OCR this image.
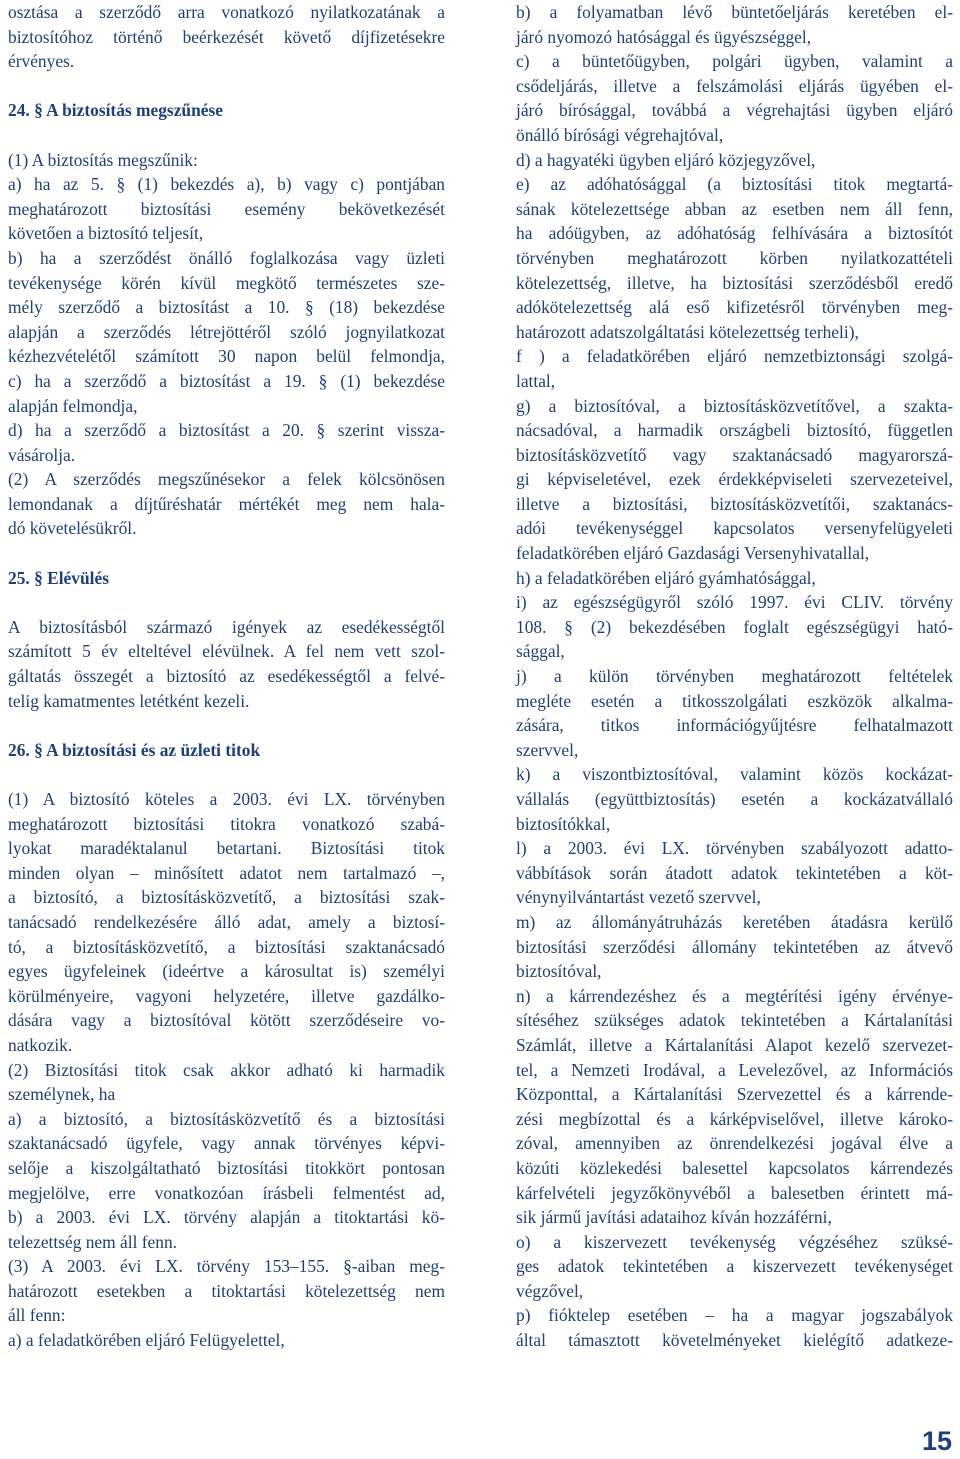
osztása a szerződő arra vonatkozó nyilatkozatának a
biztosítóhoz történő beérkezését követő díjfizetésekre
érvényes.
24. § A biztosítás megszűnése
(1) A biztosítás megszűnik:
a) ha az 5. § (1) bekezdés a), b) vagy c) pontjában
meghatározott biztosítási esemény bekövetkezését
követően a biztosító teljesít,
b) ha a szerződést önálló foglalkozása vagy üzleti
tevékenysége körén kívül megkötő természetes sze-
mély szerződő a biztosítást a 10. § (18) bekezdése
alapján a szerződés létrejöttéről szóló jognyilatkozat
kézhezvételétől számított 30 napon belül felmondja,
c) ha a szerződő a biztosítást a 19. § (1) bekezdése
alapján felmondja,
d) ha a szerződő a biztosítást a 20. § szerint vissza-
vásárolja.
(2) A szerződés megszűnésekor a felek kölcsönösen
lemondanak a díjtűréshatár mértékét meg nem hala-
dó követelésükről.
25. § Elévülés
A biztosításból származó igények az esedékességtől
számított 5 év elteltével elévülnek. A fel nem vett szol-
gáltatás összegét a biztosító az esedékességtől a felvé-
telig kamatmentes letétként kezeli.
26. § A biztosítási és az üzleti titok
(1) A biztosító köteles a 2003. évi LX. törvényben
meghatározott biztosítási titokra vonatkozó szabá-
lyokat maradéktalanul betartani. Biztosítási titok
minden olyan – minősített adatot nem tartalmazó –,
a biztosító, a biztosításközvetítő, a biztosítási szak-
tanácsadó rendelkezésére álló adat, amely a biztosí-
tó, a biztosításközvetítő, a biztosítási szaktanácsadó
egyes ügyfeleinek (ideértve a károsultat is) személyi
körülményeire, vagyoni helyzetére, illetve gazdálko-
dására vagy a biztosítóval kötött szerződéseire vo-
natkozik.
(2) Biztosítási titok csak akkor adható ki harmadik
személynek, ha
a) a biztosító, a biztosításközvetítő és a biztosítási
szaktanácsadó ügyfele, vagy annak törvényes képvi-
selője a kiszolgáltatható biztosítási titokkört pontosan
megjelölve, erre vonatkozóan írásbeli felmentést ad,
b) a 2003. évi LX. törvény alapján a titoktartási kö-
telezettség nem áll fenn.
(3) A 2003. évi LX. törvény 153–155. §-aiban meg-
határozott esetekben a titoktartási kötelezettség nem
áll fenn:
a) a feladatkörében eljáró Felügyelettel,
b) a folyamatban lévő büntetőeljárás keretében el-
járó nyomozó hatósággal és ügyészséggel,
c) a büntetőügyben, polgári ügyben, valamint a
csődeljárás, illetve a felszámolási eljárás ügyében el-
járó bírósággal, továbbá a végrehajtási ügyben eljáró
önálló bírósági végrehajtóval,
d) a hagyatéki ügyben eljáró közjegyzővel,
e) az adóhatósággal (a biztosítási titok megtartá-
sának kötelezettsége abban az esetben nem áll fenn,
ha adóügyben, az adóhatóság felhívására a biztosítót
törvényben meghatározott körben nyilatkozattételi
kötelezettség, illetve, ha biztosítási szerződésből eredő
adókötelezettség alá eső kifizetésről törvényben meg-
határozott adatszolgáltatási kötelezettség terheli),
f ) a feladatkörében eljáró nemzetbiztonsági szolgá-
lattal,
g) a biztosítóval, a biztosításközvetítővel, a szakta-
nácsadóval, a harmadik országbeli biztosító, független
biztosításközvetítő vagy szaktanácsadó magyarorszá-
gi képviseletével, ezek érdekképviseleti szervezeteivel,
illetve a biztosítási, biztosításközvetítői, szaktanács-
adói tevékenységgel kapcsolatos versenyfelügyeleti
feladatkörében eljáró Gazdasági Versenyhivatallal,
h) a feladatkörében eljáró gyámhatósággal,
i) az egészségügyről szóló 1997. évi CLIV. törvény
108. § (2) bekezdésében foglalt egészségügyi ható-
sággal,
j) a külön törvényben meghatározott feltételek
megléte esetén a titkosszolgálati eszközök alkalma-
zására, titkos információgyűjtésre felhatalmazott
szervvel,
k) a viszontbiztosítóval, valamint közös kockázat-
vállalás (együttbiztosítás) esetén a kockázatvállaló
biztosítókkal,
l) a 2003. évi LX. törvényben szabályozott adatto-
vábbítások során átadott adatok tekintetében a köt-
vénynyilvántartást vezető szervvel,
m) az állományátruházás keretében átadásra kerülő
biztosítási szerződési állomány tekintetében az átvevő
biztosítóval,
n) a kárrendezéshez és a megtérítési igény érvénye-
sítéséhez szükséges adatok tekintetében a Kártalanítási
Számlát, illetve a Kártalanítási Alapot kezelő szervezet-
tel, a Nemzeti Irodával, a Levelezővel, az Információs
Központtal, a Kártalanítási Szervezettel és a kárrende-
zési megbízottal és a kárképviselővel, illetve károko-
zóval, amennyiben az önrendelkezési jogával élve a
közúti közlekedési balesettel kapcsolatos kárrendezés
kárfelvételi jegyzőkönyvéből a balesetben érintett má-
sik jármű javítási adataihoz kíván hozzáférni,
o) a kiszervezett tevékenység végzéséhez szüksé-
ges adatok tekintetében a kiszervezett tevékenységet
végzővel,
p) fióktelep esetében – ha a magyar jogszabályok
által támasztott követelményeket kielégítő adatkeze-
15
